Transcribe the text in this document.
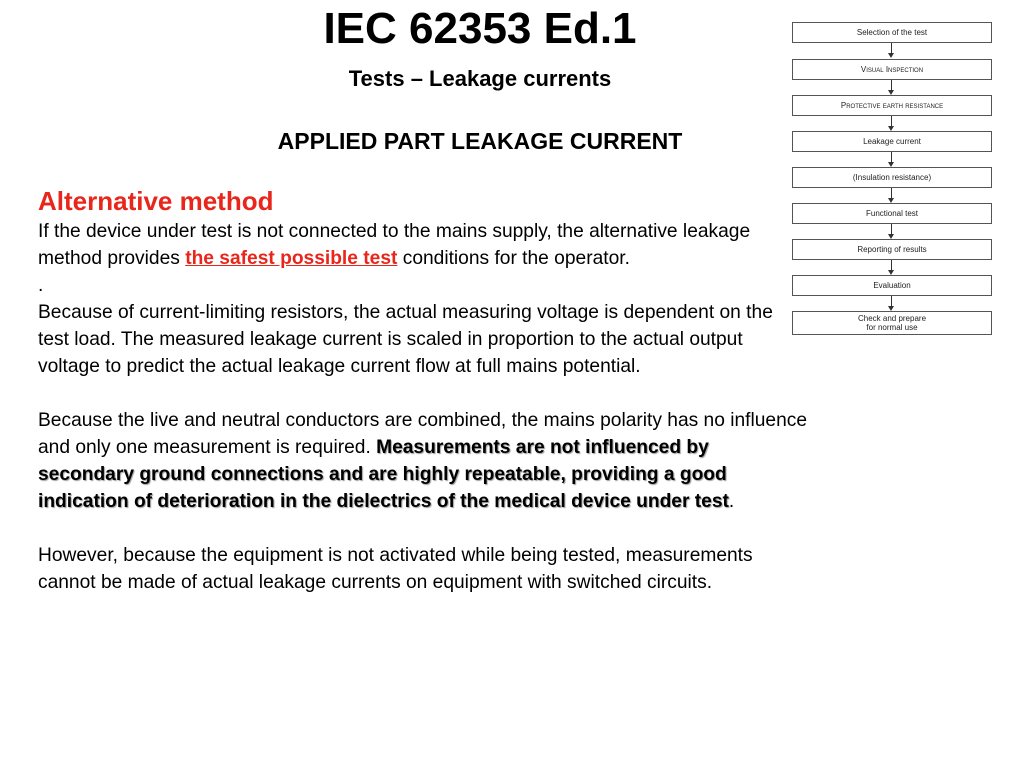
IEC 62353 Ed.1
Tests – Leakage currents
APPLIED PART LEAKAGE CURRENT
Alternative method

If the device under test is not connected to the mains supply, the alternative leakage method provides the safest possible test conditions for the operator.

.

Because of current-limiting resistors, the actual measuring voltage is dependent on the test load. The measured leakage current is scaled in proportion to the actual output voltage to predict the actual leakage current flow at full mains potential.

Because the live and neutral conductors are combined, the mains polarity has no influence and only one measurement is required. Measurements are not influenced by secondary ground connections and are highly repeatable, providing a good indication of deterioration in the dielectrics of the medical device under test.

However, because the equipment is not activated while being tested, measurements cannot be made of actual leakage currents on equipment with switched circuits.

Selection of the test
Visual Inspection
Protective earth resistance
Leakage current
(Insulation resistance)
Functional test
Reporting of results
Evaluation
Check and prepare
for normal use
